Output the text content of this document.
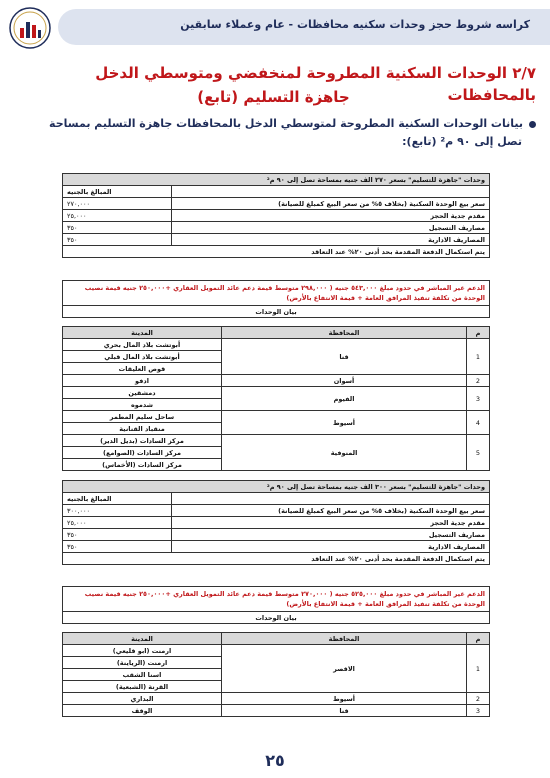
كراسه شروط حجز وحدات سكنيه محافظات - عام وعملاء سابقين

٢/٧ الوحدات السكنية المطروحة لمنخفضي ومتوسطي الدخل بالمحافظات

جاهزة التسليم (تابع)

بيانات الوحدات السكنية المطروحة لمتوسطي الدخل بالمحافظات جاهزة التسليم بمساحة
تصل إلى ٩٠ م² (تابع):
وحدات "جاهزة للتسليم" بسعر ٢٧٠ الف جنيه بمساحة تصل إلى ٩٠ م²	
	المبالغ بالجنيه
سعر بيع الوحدة السكنية (بخلاف ٥% من سعر البيع كمبلغ للصيانة)	٢٧٠,٠٠٠
مقدم جدية الحجز	٢٥,٠٠٠
مصاريف التسجيل	٣٥٠
المصاريف الادارية	٣٥٠
يتم استكمال الدفعة المقدمة بحد أدنى ٢٠% عند التعاقد	
الدعم غير المباشر في حدود مبلغ ٥٤٣,٠٠٠ جنيه ( ٢٩٨,٠٠٠ متوسط قيمة دعم عائد التمويل العقاري +٢٥٠,٠٠٠ جنيه قيمة نصيب الوحدة من تكلفة تنفيذ المرافق العامة + قيمة الانتفاع بالأرض)
بيان الوحدات
م	المحافظة	المدينة
1	قنا	أبوتشت بلاد المال بحري
		أبوتشت بلاد المال قبلي
		قوص العليقات
2	أسوان	ادفو
3	الفيوم	دمشقين
		شدموه
4	أسيوط	ساحل سليم المطمر
		منقباد القنانية
5	المنوفية	مركز السادات (بديل الدير)
		مركز السادات (الصوامع)
		مركز السادات (الأخماس)
وحدات "جاهزة للتسليم" بسعر ٣٠٠ الف جنيه بمساحة تصل إلى ٩٠ م²	
	المبالغ بالجنيه
سعر بيع الوحدة السكنية (بخلاف ٥% من سعر البيع كمبلغ للصيانة)	٣٠٠,٠٠٠
مقدم جدية الحجز	٢٥,٠٠٠
مصاريف التسجيل	٣٥٠
المصاريف الادارية	٣٥٠
يتم استكمال الدفعة المقدمة بحد أدنى ٢٠% عند التعاقد	
الدعم غير المباشر في حدود مبلغ ٥٢٥,٠٠٠ جنيه ( ٢٧٠,٠٠٠ متوسط قيمة دعم عائد التمويل العقاري +٢٥٠,٠٠٠ جنيه قيمة نصيب الوحدة من تكلفة تنفيذ المرافق العامة + قيمة الانتفاع بالأرض)
بيان الوحدات
م	المحافظة	المدينة
1	الاقصر	ارمنت (ابو قليعي)
		ارمنت (الرياينة)
		اسنا الشقب
		القرنة (الشبعية)
2	أسيوط	البداري
3	قنا	الوقف
٢٥
